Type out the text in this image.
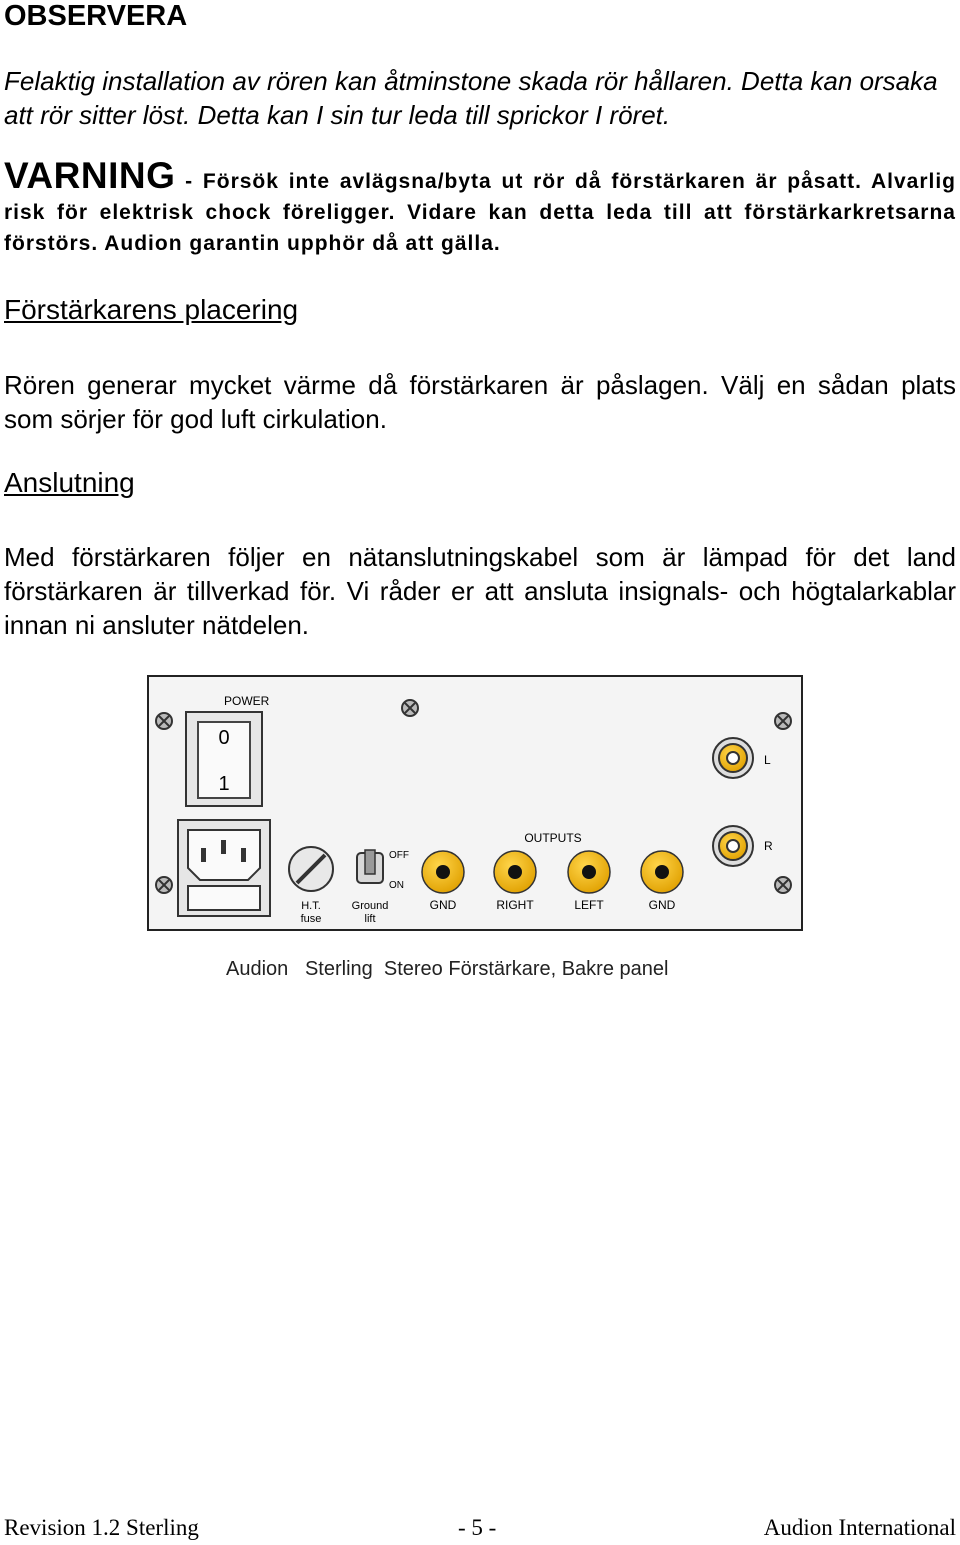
OBSERVERA
Felaktig installation av rören kan åtminstone skada rör hållaren. Detta kan orsaka att rör sitter löst. Detta kan I sin tur leda till sprickor I röret.
VARNING - Försök inte avlägsna/byta ut rör då förstärkaren är påsatt. Alvarlig risk för elektrisk chock föreligger. Vidare kan detta leda till att förstärkarkretsarna förstörs. Audion garantin upphör då att gälla.
Förstärkarens placering
Rören generar mycket värme då förstärkaren är påslagen. Välj en sådan plats som sörjer för god luft cirkulation.
Anslutning
Med förstärkaren följer en nätanslutningskabel som är lämpad för det land förstärkaren är tillverkad för. Vi råder er att ansluta insignals- och högtalarkablar innan ni ansluter nätdelen.
POWER
0
1
H.T.
fuse
OFF
ON
Ground
lift
OUTPUTS
GND	RIGHT	LEFT	GND
L
R
Audion   Sterling  Stereo Förstärkare, Bakre panel
Revision 1.2 Sterling	- 5 -	Audion International
